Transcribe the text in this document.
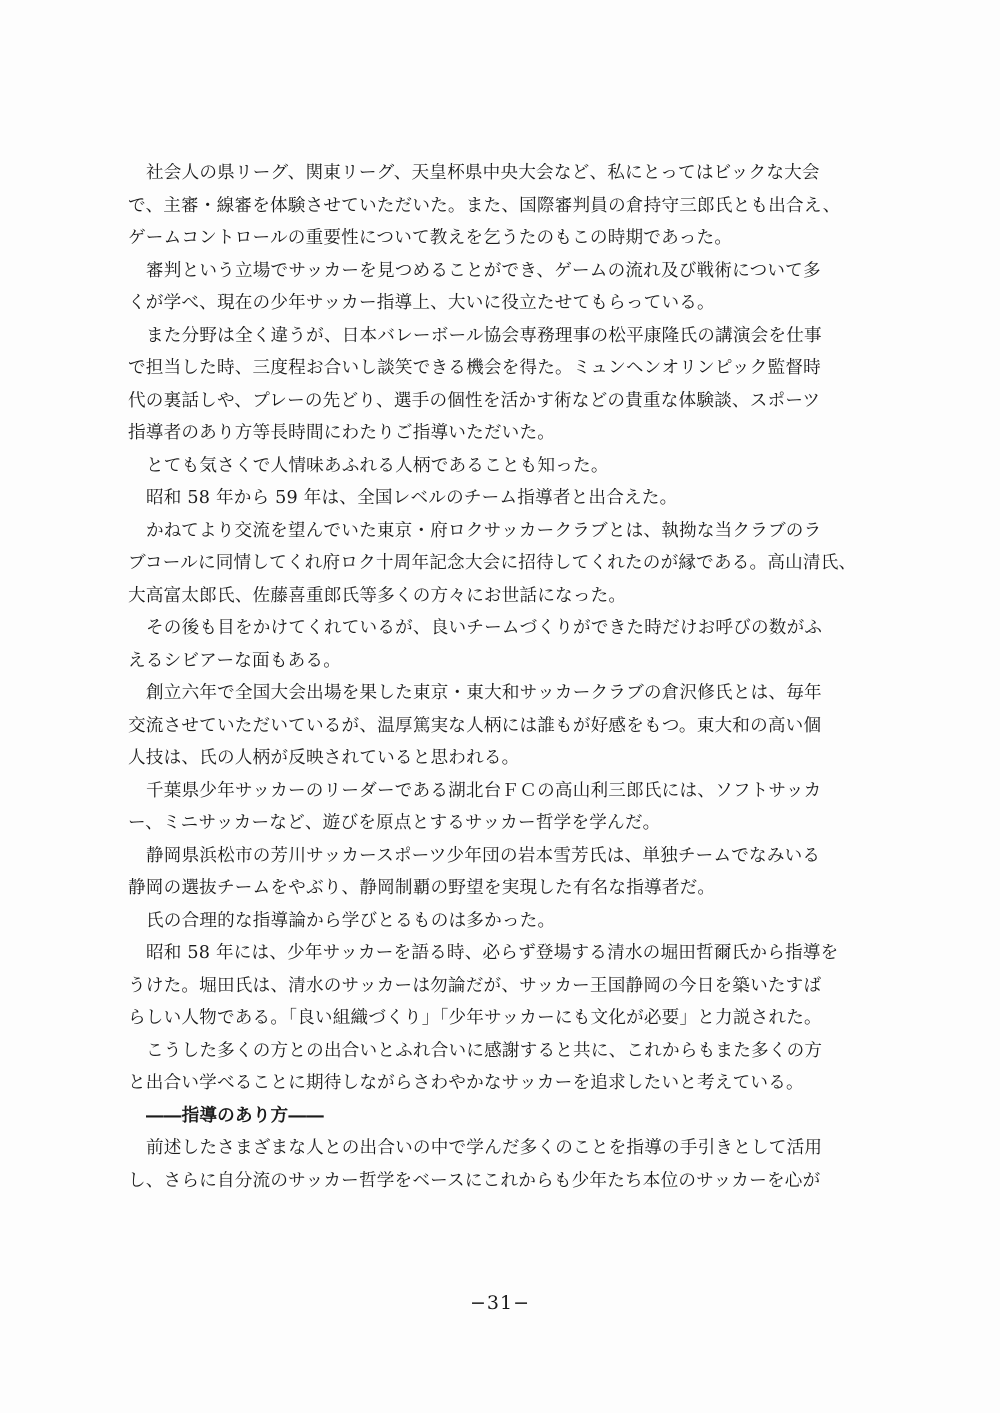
社会人の県リーグ、関東リーグ、天皇杯県中央大会など、私にとってはビックな大会
で、主審・線審を体験させていただいた。また、国際審判員の倉持守三郎氏とも出合え、
ゲームコントロールの重要性について教えを乞うたのもこの時期であった。
審判という立場でサッカーを見つめることができ、ゲームの流れ及び戦術について多
くが学べ、現在の少年サッカー指導上、大いに役立たせてもらっている。
また分野は全く違うが、日本バレーボール協会専務理事の松平康隆氏の講演会を仕事
で担当した時、三度程お合いし談笑できる機会を得た。ミュンヘンオリンピック監督時
代の裏話しや、プレーの先どり、選手の個性を活かす術などの貴重な体験談、スポーツ
指導者のあり方等長時間にわたりご指導いただいた。
とても気さくで人情味あふれる人柄であることも知った。
昭和 58 年から 59 年は、全国レベルのチーム指導者と出合えた。
かねてより交流を望んでいた東京・府ロクサッカークラブとは、執拗な当クラブのラ
ブコールに同情してくれ府ロク十周年記念大会に招待してくれたのが縁である。高山清氏、
大高富太郎氏、佐藤喜重郎氏等多くの方々にお世話になった。
その後も目をかけてくれているが、良いチームづくりができた時だけお呼びの数がふ
えるシビアーな面もある。
創立六年で全国大会出場を果した東京・東大和サッカークラブの倉沢修氏とは、毎年
交流させていただいているが、温厚篤実な人柄には誰もが好感をもつ。東大和の高い個
人技は、氏の人柄が反映されていると思われる。
千葉県少年サッカーのリーダーである湖北台ＦＣの高山利三郎氏には、ソフトサッカ
ー、ミニサッカーなど、遊びを原点とするサッカー哲学を学んだ。
静岡県浜松市の芳川サッカースポーツ少年団の岩本雪芳氏は、単独チームでなみいる
静岡の選抜チームをやぶり、静岡制覇の野望を実現した有名な指導者だ。
氏の合理的な指導論から学びとるものは多かった。
昭和 58 年には、少年サッカーを語る時、必らず登場する清水の堀田哲爾氏から指導を
うけた。堀田氏は、清水のサッカーは勿論だが、サッカー王国静岡の今日を築いたすば
らしい人物である。「良い組織づくり」「少年サッカーにも文化が必要」と力説された。
こうした多くの方との出合いとふれ合いに感謝すると共に、これからもまた多くの方
と出合い学べることに期待しながらさわやかなサッカーを追求したいと考えている。
――指導のあり方――
前述したさまざまな人との出合いの中で学んだ多くのことを指導の手引きとして活用
し、さらに自分流のサッカー哲学をベースにこれからも少年たち本位のサッカーを心が
−31−
